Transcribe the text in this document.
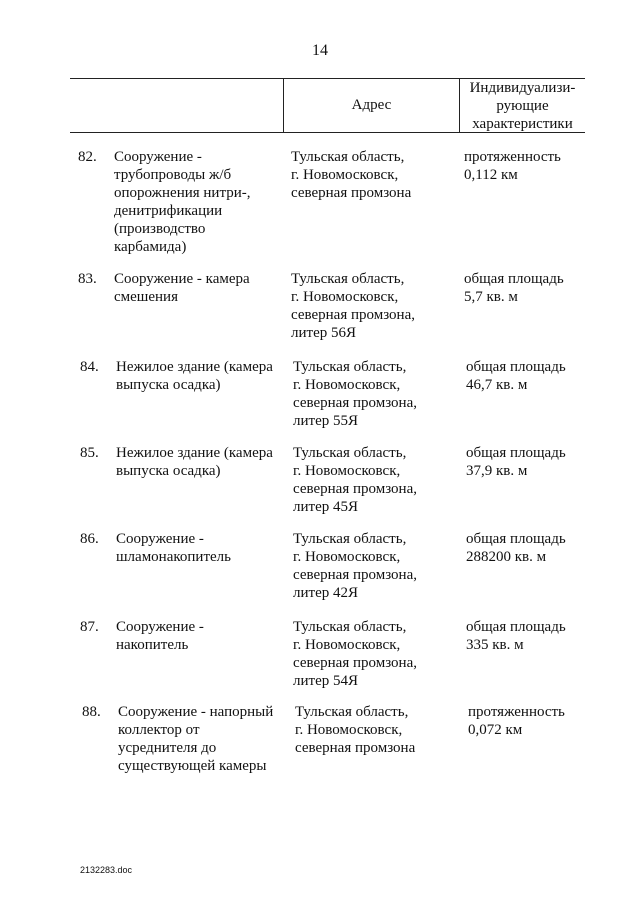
14
Адрес
Индивидуализи-
рующие
характеристики
82.	Сооружение -
трубопроводы ж/б
опорожнения нитри-,
денитрификации
(производство
карбамида)
Тульская область,
г. Новомосковск,
северная промзона
протяженность
0,112 км
83.	Сооружение - камера
смешения
Тульская область,
г. Новомосковск,
северная промзона,
литер 56Я
общая площадь
5,7 кв. м
84.	Нежилое здание (камера
выпуска осадка)
Тульская область,
г. Новомосковск,
северная промзона,
литер 55Я
общая площадь
46,7 кв. м
85.	Нежилое здание (камера
выпуска осадка)
Тульская область,
г. Новомосковск,
северная промзона,
литер 45Я
общая площадь
37,9 кв. м
86.	Сооружение -
шламонакопитель
Тульская область,
г. Новомосковск,
северная промзона,
литер 42Я
общая площадь
288200 кв. м
87.	Сооружение -
накопитель
Тульская область,
г. Новомосковск,
северная промзона,
литер 54Я
общая площадь
335 кв. м
88.	Сооружение - напорный
коллектор от
усреднителя до
существующей камеры
Тульская область,
г. Новомосковск,
северная промзона
протяженность
0,072 км
2132283.doc
